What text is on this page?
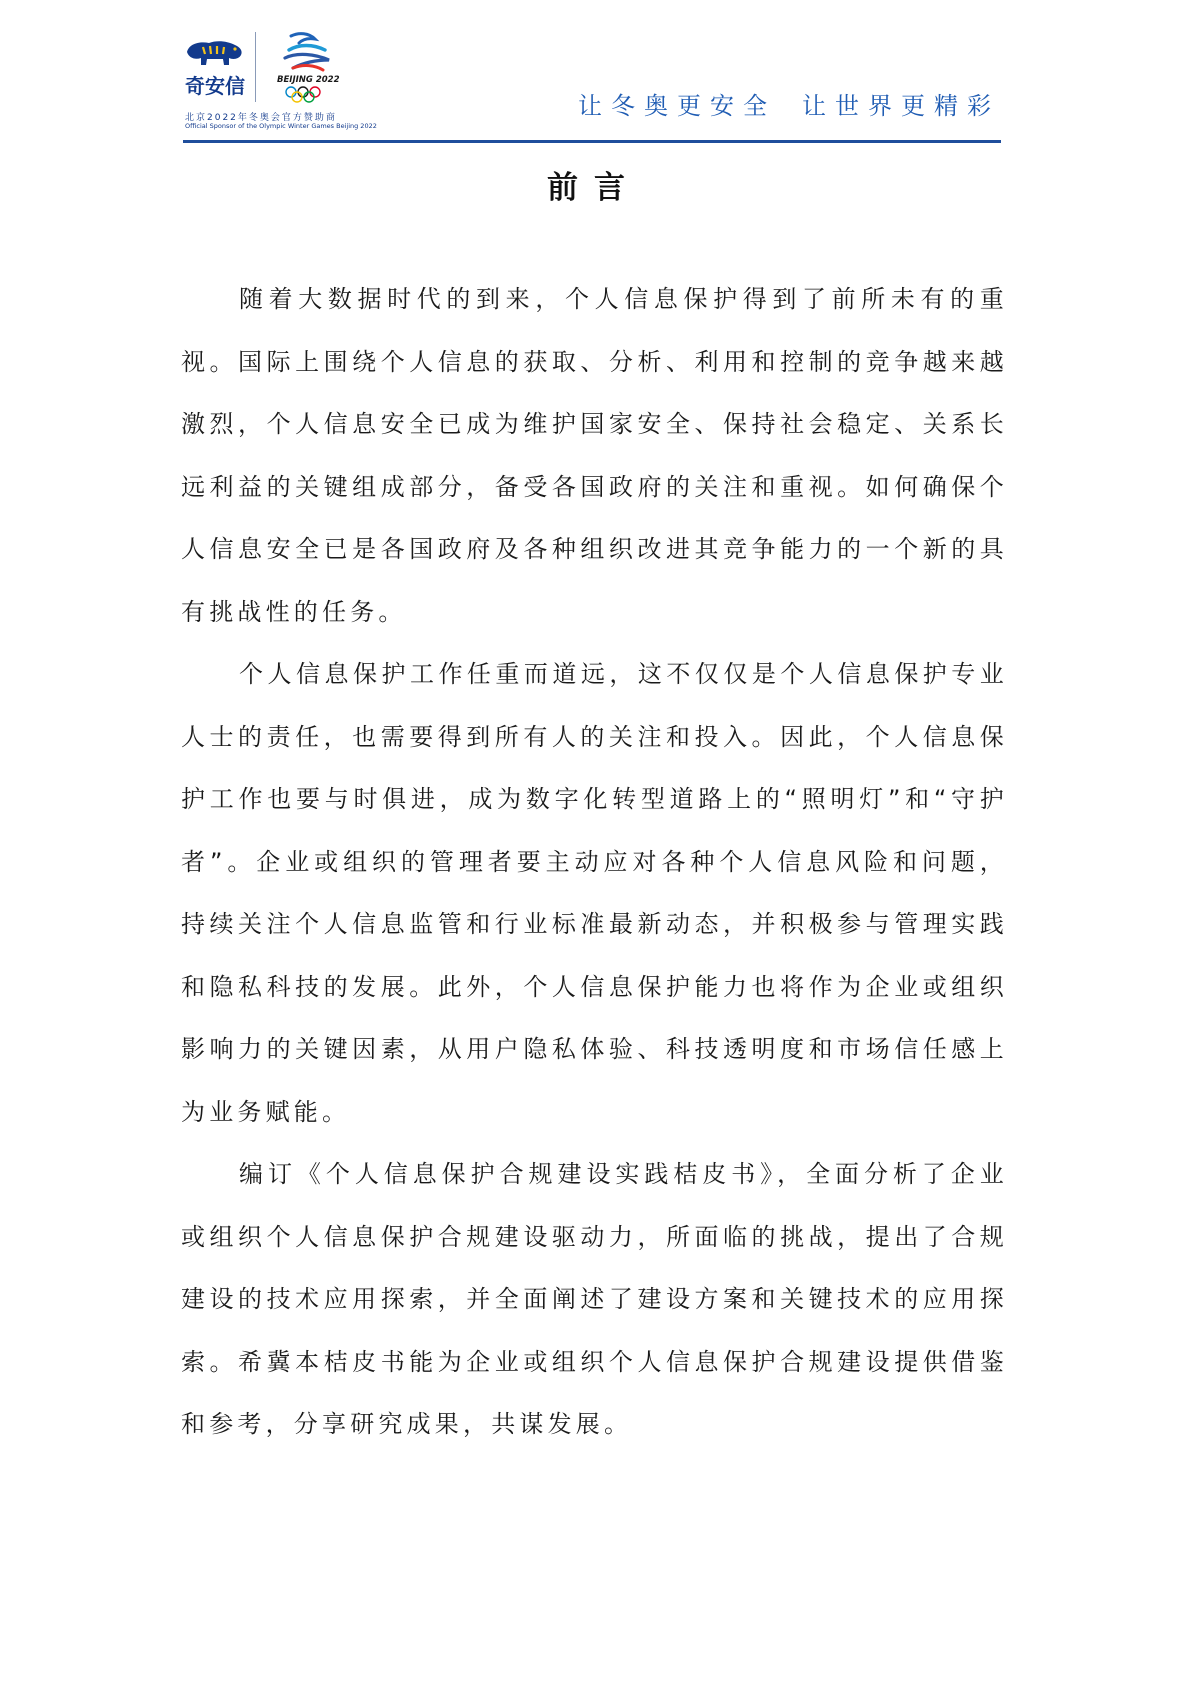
奇安信	BEIJING 2022
北京2022年冬奥会官方赞助商
Official Sponsor of the Olympic Winter Games Beijing 2022
让冬奥更安全 让世界更精彩
前言

随着大数据时代的到来，个人信息保护得到了前所未有的重视。国际上围绕个人信息的获取、分析、利用和控制的竞争越来越激烈，个人信息安全已成为维护国家安全、保持社会稳定、关系长远利益的关键组成部分，备受各国政府的关注和重视。如何确保个人信息安全已是各国政府及各种组织改进其竞争能力的一个新的具有挑战性的任务。

个人信息保护工作任重而道远，这不仅仅是个人信息保护专业人士的责任，也需要得到所有人的关注和投入。因此，个人信息保护工作也要与时俱进，成为数字化转型道路上的“照明灯”和“守护者”。企业或组织的管理者要主动应对各种个人信息风险和问题，持续关注个人信息监管和行业标准最新动态，并积极参与管理实践和隐私科技的发展。此外，个人信息保护能力也将作为企业或组织影响力的关键因素，从用户隐私体验、科技透明度和市场信任感上为业务赋能。

编订《个人信息保护合规建设实践桔皮书》，全面分析了企业或组织个人信息保护合规建设驱动力，所面临的挑战，提出了合规建设的技术应用探索，并全面阐述了建设方案和关键技术的应用探索。希冀本桔皮书能为企业或组织个人信息保护合规建设提供借鉴和参考，分享研究成果，共谋发展。
